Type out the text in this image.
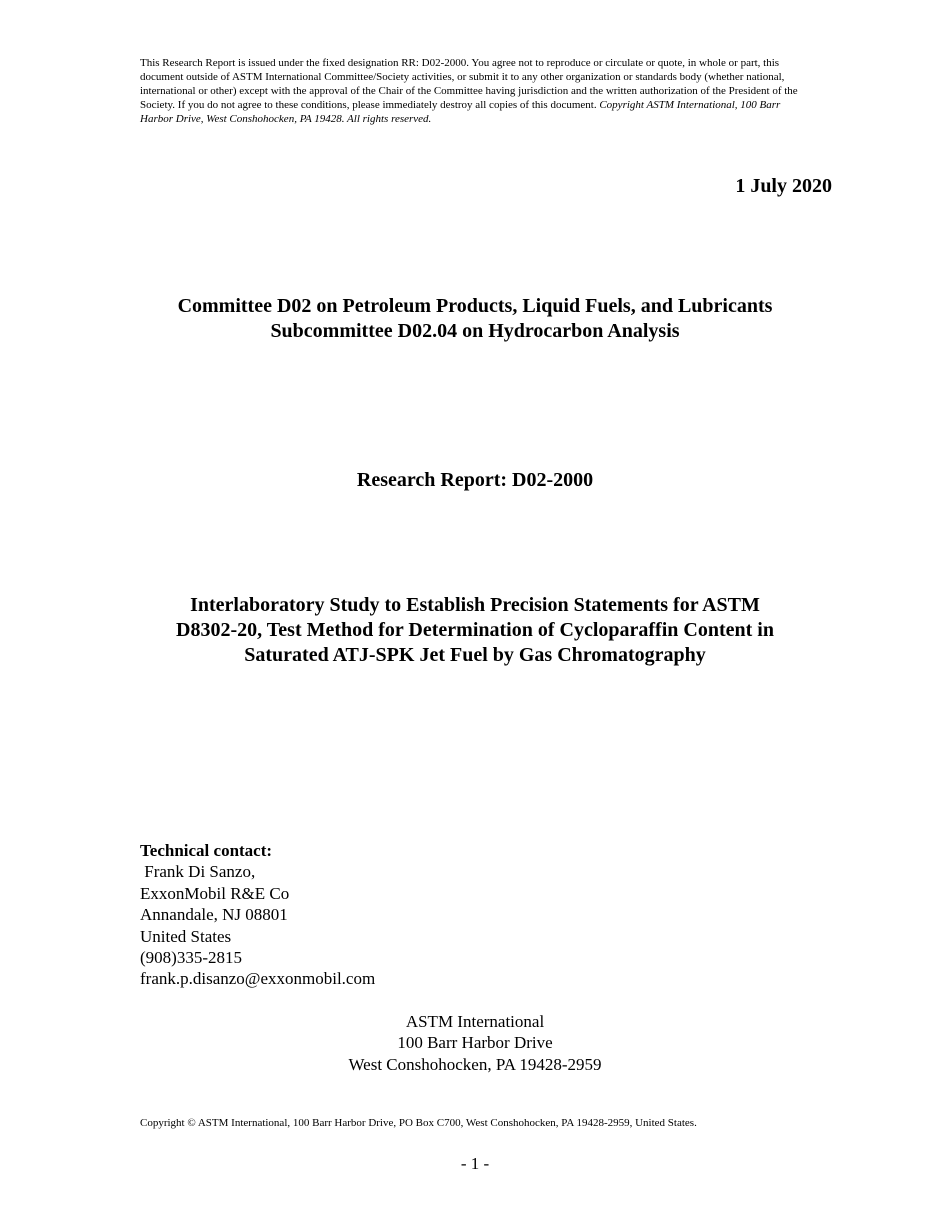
This Research Report is issued under the fixed designation RR: D02-2000. You agree not to reproduce or circulate or quote, in whole or part, this document outside of ASTM International Committee/Society activities, or submit it to any other organization or standards body (whether national, international or other) except with the approval of the Chair of the Committee having jurisdiction and the written authorization of the President of the Society. If you do not agree to these conditions, please immediately destroy all copies of this document. Copyright ASTM International, 100 Barr Harbor Drive, West Conshohocken, PA 19428. All rights reserved.
1 July 2020
Committee D02 on Petroleum Products, Liquid Fuels, and Lubricants
Subcommittee D02.04 on Hydrocarbon Analysis
Research Report: D02-2000
Interlaboratory Study to Establish Precision Statements for ASTM
D8302-20, Test Method for Determination of Cycloparaffin Content in
Saturated ATJ-SPK Jet Fuel by Gas Chromatography
Technical contact:
Frank Di Sanzo,
ExxonMobil R&E Co
Annandale, NJ 08801
United States
(908)335-2815
frank.p.disanzo@exxonmobil.com
ASTM International
100 Barr Harbor Drive
West Conshohocken, PA 19428-2959
Copyright © ASTM International, 100 Barr Harbor Drive, PO Box C700, West Conshohocken, PA 19428-2959, United States.
- 1 -
